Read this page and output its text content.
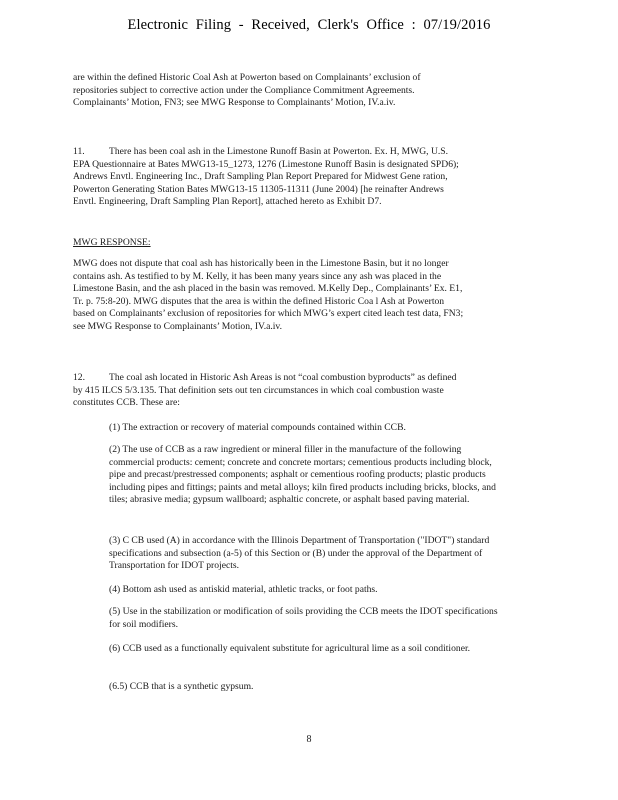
Electronic Filing - Received, Clerk's Office : 07/19/2016

are within the defined Historic Coal Ash at Powerton based on Complainants’ exclusion of repositories subject to corrective action under the Compliance Commitment Agreements. Complainants’ Motion, FN3; see MWG Response to Complainants’ Motion, IV.a.iv.

11.	There has been coal ash in the Limestone Runoff Basin at Powerton. Ex. H, MWG, U.S. EPA Questionnaire at Bates MWG13-15_1273, 1276 (Limestone Runoff Basin is designated SPD6); Andrews Envtl. Engineering Inc., Draft Sampling Plan Report Prepared for Midwest Gene ration, Powerton Generating Station Bates MWG13-15 11305-11311 (June 2004) [he reinafter Andrews Envtl. Engineering, Draft Sampling Plan Report], attached hereto as Exhibit D7.

MWG RESPONSE:

MWG does not dispute that coal ash has historically been in the Limestone Basin, but it no longer contains ash. As testified to by M. Kelly, it has been many years since any ash was placed in the Limestone Basin, and the ash placed in the basin was removed. M.Kelly Dep., Complainants’ Ex. E1, Tr. p. 75:8-20). MWG disputes that the area is within the defined Historic Coa l Ash at Powerton based on Complainants’ exclusion of repositories for which MWG’s expert cited leach test data, FN3; see MWG Response to Complainants’ Motion, IV.a.iv.

12.	The coal ash located in Historic Ash Areas is not “coal combustion byproducts” as defined by 415 ILCS 5/3.135. That definition sets out ten circumstances in which coal combustion waste constitutes CCB. These are:

(1) The extraction or recovery of material compounds contained within CCB.
(2) The use of CCB as a raw ingredient or mineral filler in the manufacture of the following commercial products: cement; concrete and concrete mortars; cementious products including block, pipe and precast/prestressed components; asphalt or cementious roofing products; plastic products including pipes and fittings; paints and metal alloys; kiln fired products including bricks, blocks, and tiles; abrasive media; gypsum wallboard; asphaltic concrete, or asphalt based paving material.
(3) C CB used (A) in accordance with the Illinois Department of Transportation ("IDOT") standard specifications and subsection (a-5) of this Section or (B) under the approval of the Department of Transportation for IDOT projects.
(4) Bottom ash used as antiskid material, athletic tracks, or foot paths.
(5) Use in the stabilization or modification of soils providing the CCB meets the IDOT specifications for soil modifiers.
(6) CCB used as a functionally equivalent substitute for agricultural lime as a soil conditioner.
(6.5) CCB that is a synthetic gypsum.
8
